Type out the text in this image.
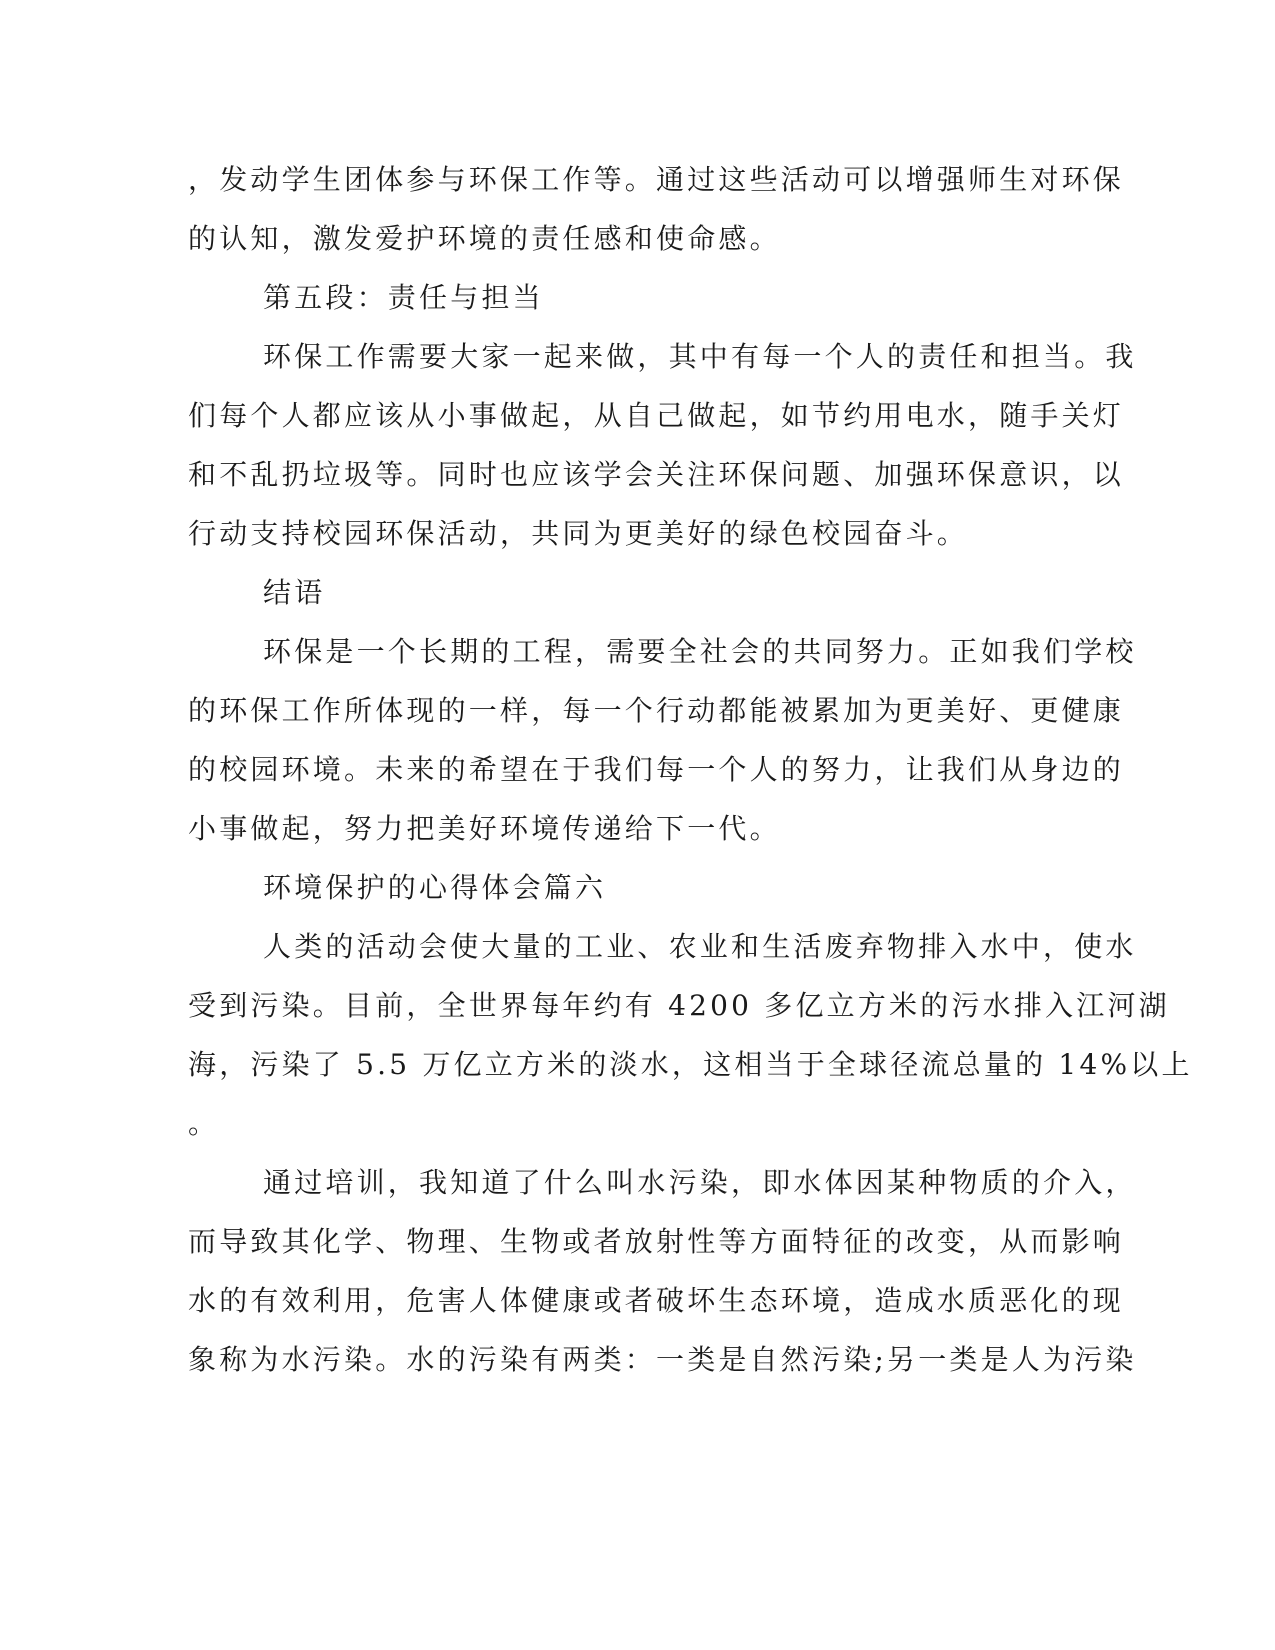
，发动学生团体参与环保工作等。通过这些活动可以增强师生对环保
的认知，激发爱护环境的责任感和使命感。
第五段：责任与担当
环保工作需要大家一起来做，其中有每一个人的责任和担当。我
们每个人都应该从小事做起，从自己做起，如节约用电水，随手关灯
和不乱扔垃圾等。同时也应该学会关注环保问题、加强环保意识，以
行动支持校园环保活动，共同为更美好的绿色校园奋斗。
结语
环保是一个长期的工程，需要全社会的共同努力。正如我们学校
的环保工作所体现的一样，每一个行动都能被累加为更美好、更健康
的校园环境。未来的希望在于我们每一个人的努力，让我们从身边的
小事做起，努力把美好环境传递给下一代。
环境保护的心得体会篇六
人类的活动会使大量的工业、农业和生活废弃物排入水中，使水
受到污染。目前，全世界每年约有 4200 多亿立方米的污水排入江河湖
海，污染了 5.5 万亿立方米的淡水，这相当于全球径流总量的 14%以上
。
通过培训，我知道了什么叫水污染，即水体因某种物质的介入，
而导致其化学、物理、生物或者放射性等方面特征的改变，从而影响
水的有效利用，危害人体健康或者破坏生态环境，造成水质恶化的现
象称为水污染。水的污染有两类：一类是自然污染;另一类是人为污染
